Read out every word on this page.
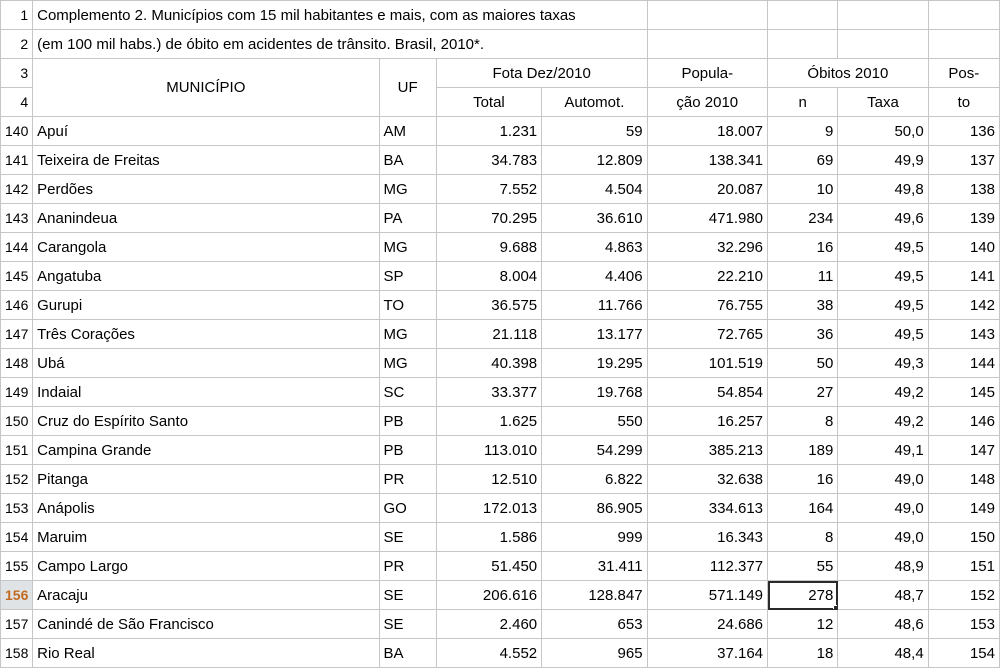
1	Complemento 2. Municípios com 15 mil habitantes e mais, com as maiores taxas							
2	(em 100 mil habs.) de óbito em acidentes de trânsito. Brasil, 2010*.							
3	MUNICÍPIO	UF	Fota Dez/2010		Popula-	Óbitos 2010		Pos-
4			Total	Automot.	ção 2010	n	Taxa	to
140	Apuí	AM	1.231	59	18.007	9	50,0	136
141	Teixeira de Freitas	BA	34.783	12.809	138.341	69	49,9	137
142	Perdões	MG	7.552	4.504	20.087	10	49,8	138
143	Ananindeua	PA	70.295	36.610	471.980	234	49,6	139
144	Carangola	MG	9.688	4.863	32.296	16	49,5	140
145	Angatuba	SP	8.004	4.406	22.210	11	49,5	141
146	Gurupi	TO	36.575	11.766	76.755	38	49,5	142
147	Três Corações	MG	21.118	13.177	72.765	36	49,5	143
148	Ubá	MG	40.398	19.295	101.519	50	49,3	144
149	Indaial	SC	33.377	19.768	54.854	27	49,2	145
150	Cruz do Espírito Santo	PB	1.625	550	16.257	8	49,2	146
151	Campina Grande	PB	113.010	54.299	385.213	189	49,1	147
152	Pitanga	PR	12.510	6.822	32.638	16	49,0	148
153	Anápolis	GO	172.013	86.905	334.613	164	49,0	149
154	Maruim	SE	1.586	999	16.343	8	49,0	150
155	Campo Largo	PR	51.450	31.411	112.377	55	48,9	151
156	Aracaju	SE	206.616	128.847	571.149	278	48,7	152
157	Canindé de São Francisco	SE	2.460	653	24.686	12	48,6	153
158	Rio Real	BA	4.552	965	37.164	18	48,4	154
